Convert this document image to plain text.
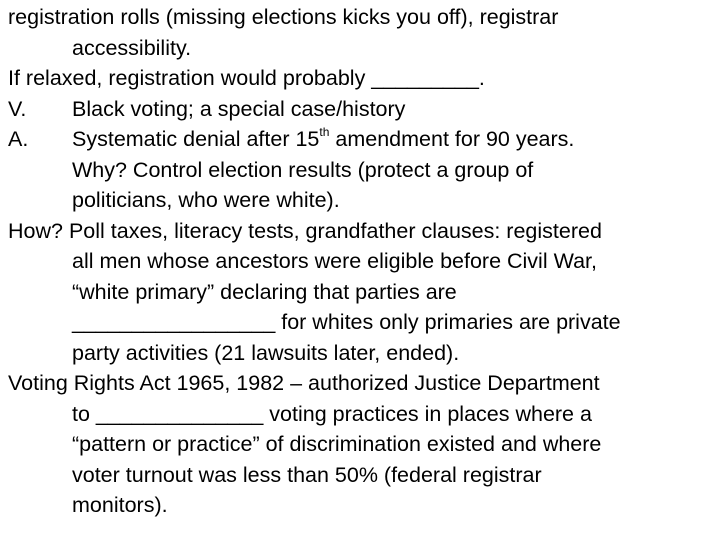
registration rolls (missing elections kicks you off), registrar
accessibility.
If relaxed, registration would probably _________.
V. Black voting; a special case/history
A. Systematic denial after 15th amendment for 90 years.
Why? Control election results (protect a group of
politicians, who were white).
How? Poll taxes, literacy tests, grandfather clauses: registered
all men whose ancestors were eligible before Civil War,
“white primary” declaring that parties are
_________________ for whites only primaries are private
party activities (21 lawsuits later, ended).
Voting Rights Act 1965, 1982 – authorized Justice Department
to ______________ voting practices in places where a
“pattern or practice” of discrimination existed and where
voter turnout was less than 50% (federal registrar
monitors).
